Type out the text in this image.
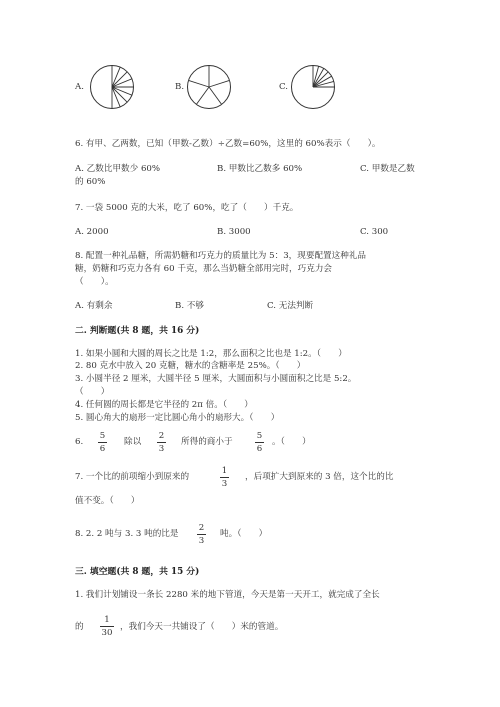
A.	B.	C.
6. 有甲、乙两数，已知（甲数-乙数）÷乙数=60%，这里的 60%表示（　　）。
A. 乙数比甲数少 60%	B. 甲数比乙数多 60%	C. 甲数是乙数
的 60%
7. 一袋 5000 克的大米，吃了 60%，吃了（　　）千克。
A. 2000	B. 3000	C. 300
8. 配置一种礼品糖，所需奶糖和巧克力的质量比为 5：3，现要配置这种礼品
糖，奶糖和巧克力各有 60 千克，那么当奶糖全部用完时，巧克力会
（　　）。
A. 有剩余	B. 不够	C. 无法判断
二. 判断题(共 8 题，共 16 分)
1. 如果小圆和大圆的周长之比是 1:2，那么面积之比也是 1:2。（　　）
2. 80 克水中放入 20 克糖，糖水的含糖率是 25%。（　　）
3. 小圆半径 2 厘米，大圆半径 5 厘米，大圆面积与小圆面积之比是 5:2。
（　　）
4. 任何圆的周长都是它半径的 2π 倍。（　　）
5. 圆心角大的扇形一定比圆心角小的扇形大。（　　）
6.
5
6
除以
2
3
所得的商小于
5
6
。（　　）
7. 一个比的前项缩小到原来的
1
3
，后项扩大到原来的 3 倍，这个比的比
值不变。（　　）
8. 2. 2 吨与 3. 3 吨的比是
2
3
吨。（　　）
三. 填空题(共 8 题，共 15 分)
1. 我们计划铺设一条长 2280 米的地下管道，今天是第一天开工，就完成了全长
的
1
30
，我们今天一共铺设了（　　）米的管道。
